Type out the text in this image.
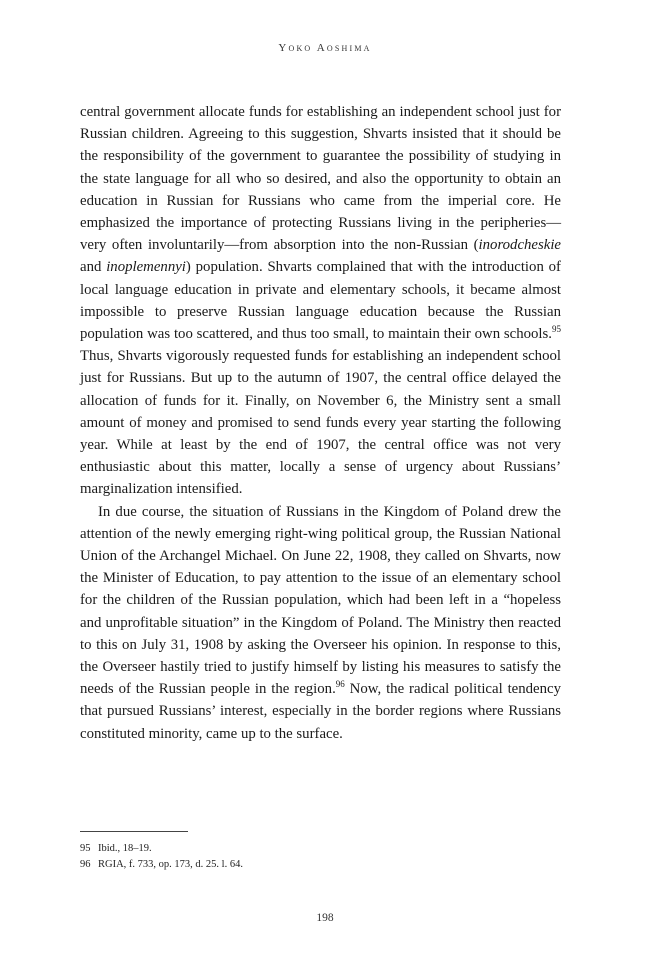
Yoko Aoshima

central government allocate funds for establishing an independent school just for Russian children. Agreeing to this suggestion, Shvarts insisted that it should be the responsibility of the government to guarantee the possibility of studying in the state language for all who so desired, and also the opportunity to obtain an education in Russian for Russians who came from the imperial core. He emphasized the importance of protecting Russians living in the peripheries—very often involuntarily—from absorption into the non-Russian (inorodcheskie and inoplemennyi) population. Shvarts complained that with the introduction of local language education in private and elementary schools, it became almost impossible to preserve Russian language education because the Russian population was too scattered, and thus too small, to maintain their own schools.$^{95}$ Thus, Shvarts vigorously requested funds for establishing an independent school just for Russians. But up to the autumn of 1907, the central office delayed the allocation of funds for it. Finally, on November 6, the Ministry sent a small amount of money and promised to send funds every year starting the following year. While at least by the end of 1907, the central office was not very enthusiastic about this matter, locally a sense of urgency about Russians’ marginalization intensified.

In due course, the situation of Russians in the Kingdom of Poland drew the attention of the newly emerging right-wing political group, the Russian National Union of the Archangel Michael. On June 22, 1908, they called on Shvarts, now the Minister of Education, to pay attention to the issue of an elementary school for the children of the Russian population, which had been left in a “hopeless and unprofitable situation” in the Kingdom of Poland. The Ministry then reacted to this on July 31, 1908 by asking the Overseer his opinion. In response to this, the Overseer hastily tried to justify himself by listing his measures to satisfy the needs of the Russian people in the region.$^{96}$ Now, the radical political tendency that pursued Russians’ interest, especially in the border regions where Russians constituted minority, came up to the surface.

95 Ibid., 18–19.
96 RGIA, f. 733, op. 173, d. 25. l. 64.
198
